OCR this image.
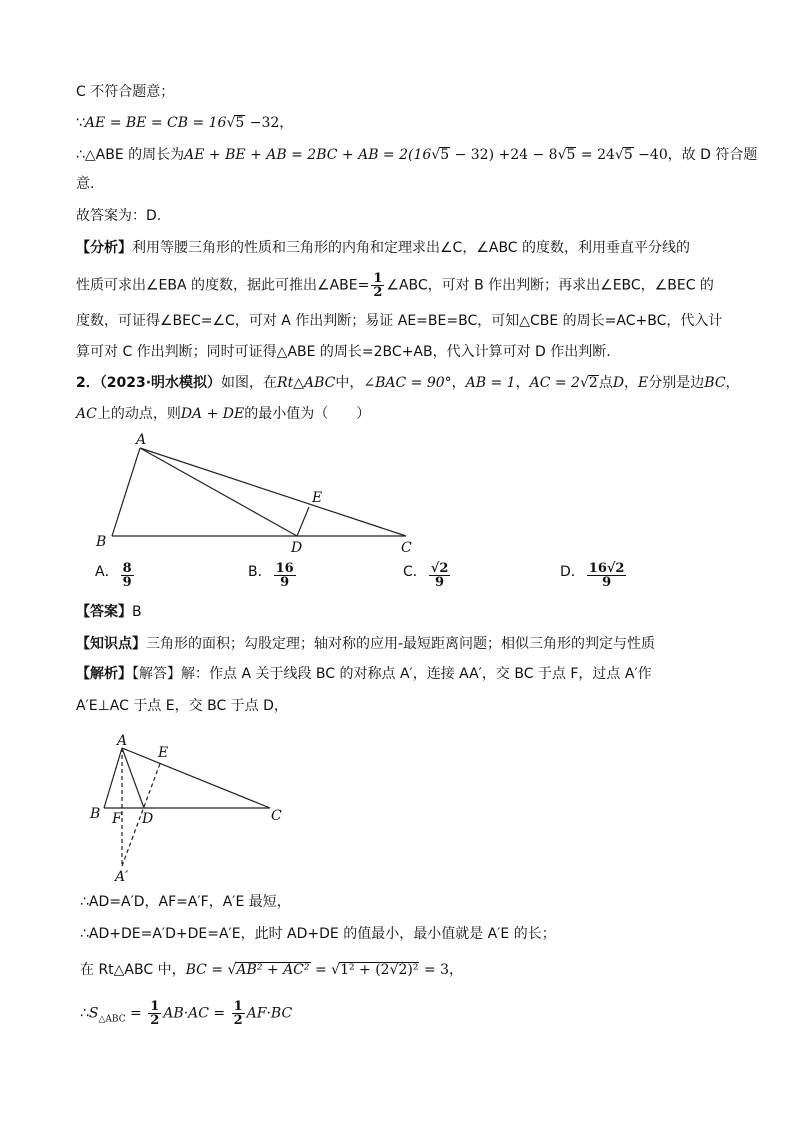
C 不符合题意；
∵AE = BE = CB = 16√5 −32，
∴△ABE 的周长为AE + BE + AB = 2BC + AB = 2(16√5 − 32) +24 − 8√5 = 24√5 −40，故 D 符合题
意.
故答案为：D.
【分析】利用等腰三角形的性质和三角形的内角和定理求出∠C，∠ABC 的度数，利用垂直平分线的
性质可求出∠EBA 的度数，据此可推出∠ABE= $\frac{1}{2}$ ∠ABC，可对 B 作出判断；再求出∠EBC，∠BEC 的
度数，可证得∠BEC=∠C，可对 A 作出判断；易证 AE=BE=BC，可知△CBE 的周长=AC+BC，代入计
算可对 C 作出判断；同时可证得△ABE 的周长=2BC+AB，代入计算可对 D 作出判断.
2．（2023·明水模拟）如图，在Rt△ABC中，∠BAC = 90°，AB = 1，AC = 2√2点D，E分别是边BC，
AC上的动点，则DA + DE的最小值为（　　）
A
B	C
D
E
A． $\frac{8}{9}$	B． $\frac{16}{9}$	C． $\frac{√2}{9}$	D． $\frac{16√2}{9}$
【答案】B
【知识点】三角形的面积；勾股定理；轴对称的应用-最短距离问题；相似三角形的判定与性质
【解析】【解答】解：作点 A 关于线段 BC 的对称点 A′，连接 AA′，交 BC 于点 F，过点 A′作
A′E⊥AC 于点 E，交 BC 于点 D，
A
E
B F D	C
A′
∴AD=A′D，AF=A′F，A′E 最短，
∴AD+DE=A′D+DE=A′E，此时 AD+DE 的值最小，最小值就是 A′E 的长；
在 Rt△ABC 中，BC = √AB² + AC² = √1² + (2√2)² = 3，
$\therefore S_{\triangle ABC} = \frac{1}{2} AB\cdot AC = \frac{1}{2} AF\cdot BC$
